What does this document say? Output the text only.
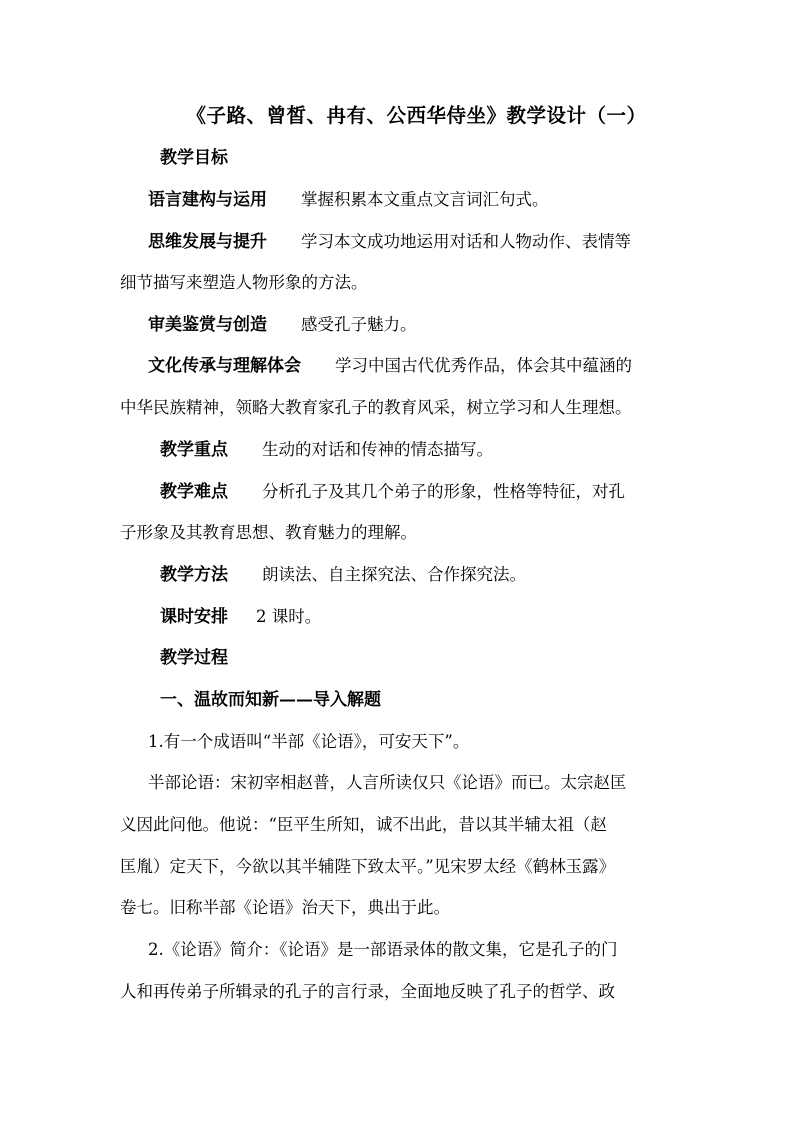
《子路、曾皙、冉有、公西华侍坐》教学设计（一）
教学目标
语言建构与运用 掌握积累本文重点文言词汇句式。
思维发展与提升 学习本文成功地运用对话和人物动作、表情等
细节描写来塑造人物形象的方法。
审美鉴赏与创造 感受孔子魅力。
文化传承与理解体会 学习中国古代优秀作品，体会其中蕴涵的
中华民族精神，领略大教育家孔子的教育风采，树立学习和人生理想。
教学重点 生动的对话和传神的情态描写。
教学难点 分析孔子及其几个弟子的形象，性格等特征，对孔
子形象及其教育思想、教育魅力的理解。
教学方法 朗读法、自主探究法、合作探究法。
课时安排 2 课时。
教学过程
一、温故而知新——导入解题
1.有一个成语叫“半部《论语》，可安天下”。
半部论语：宋初宰相赵普，人言所读仅只《论语》而已。太宗赵匡
义因此问他。他说：“臣平生所知，诚不出此，昔以其半辅太祖（赵
匡胤）定天下，今欲以其半辅陛下致太平。”见宋罗太经《鹤林玉露》
卷七。旧称半部《论语》治天下，典出于此。
2.《论语》简介：《论语》是一部语录体的散文集，它是孔子的门
人和再传弟子所辑录的孔子的言行录，全面地反映了孔子的哲学、政
